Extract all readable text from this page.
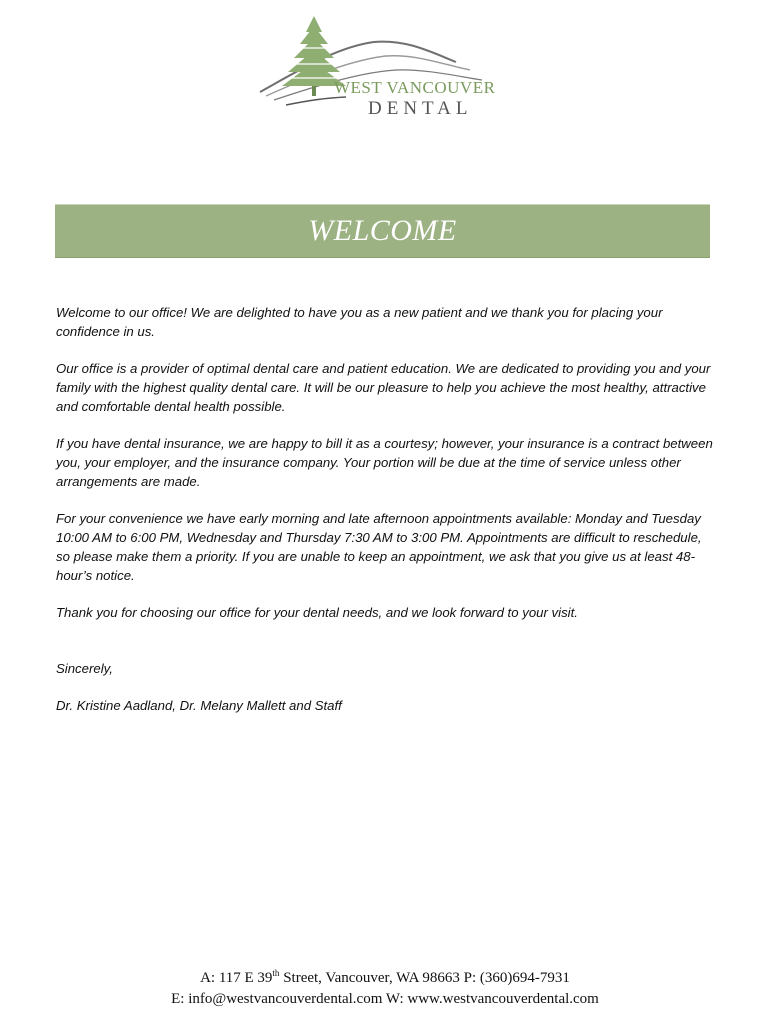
WEST VANCOUVER
DENTAL
WELCOME

Welcome to our office! We are delighted to have you as a new patient and we thank you for placing your confidence in us.

Our office is a provider of optimal dental care and patient education. We are dedicated to providing you and your family with the highest quality dental care. It will be our pleasure to help you achieve the most healthy, attractive and comfortable dental health possible.

If you have dental insurance, we are happy to bill it as a courtesy; however, your insurance is a contract between you, your employer, and the insurance company. Your portion will be due at the time of service unless other arrangements are made.

For your convenience we have early morning and late afternoon appointments available: Monday and Tuesday 10:00 AM to 6:00 PM, Wednesday and Thursday 7:30 AM to 3:00 PM. Appointments are difficult to reschedule, so please make them a priority. If you are unable to keep an appointment, we ask that you give us at least 48-hour’s notice.

Thank you for choosing our office for your dental needs, and we look forward to your visit.

Sincerely,

Dr. Kristine Aadland, Dr. Melany Mallett and Staff

A: 117 E 39th Street, Vancouver, WA 98663 P: (360)694-7931
E: info@westvancouverdental.com W: www.westvancouverdental.com
